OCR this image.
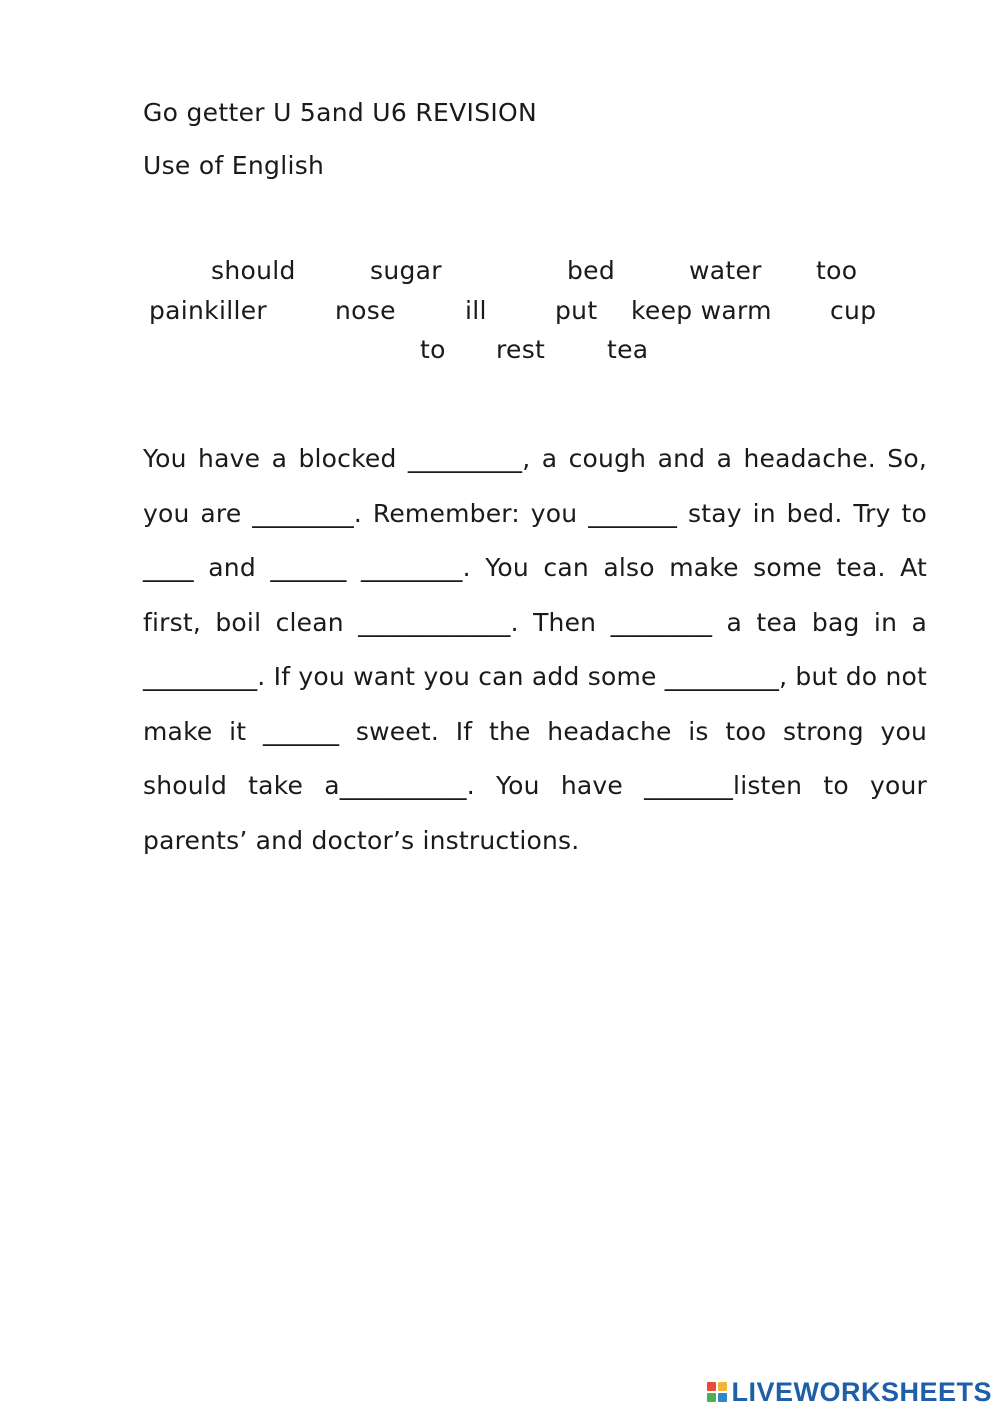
Go getter U 5and U6 REVISION
Use of English
should	sugar	bed	water too
painkiller	nose	ill	put keep warm cup
to rest tea

You have a blocked _________, a cough and a headache. So, you are ________. Remember: you _______ stay in bed. Try to ____ and ______ ________. You can also make some tea. At first, boil clean ____________. Then ________ a tea bag in a _________. If you want you can add some _________, but do not make it ______ sweet. If the headache is too strong you should take a__________. You have _______listen to your parents’ and doctor’s instructions.

LIVEWORKSHEETS
